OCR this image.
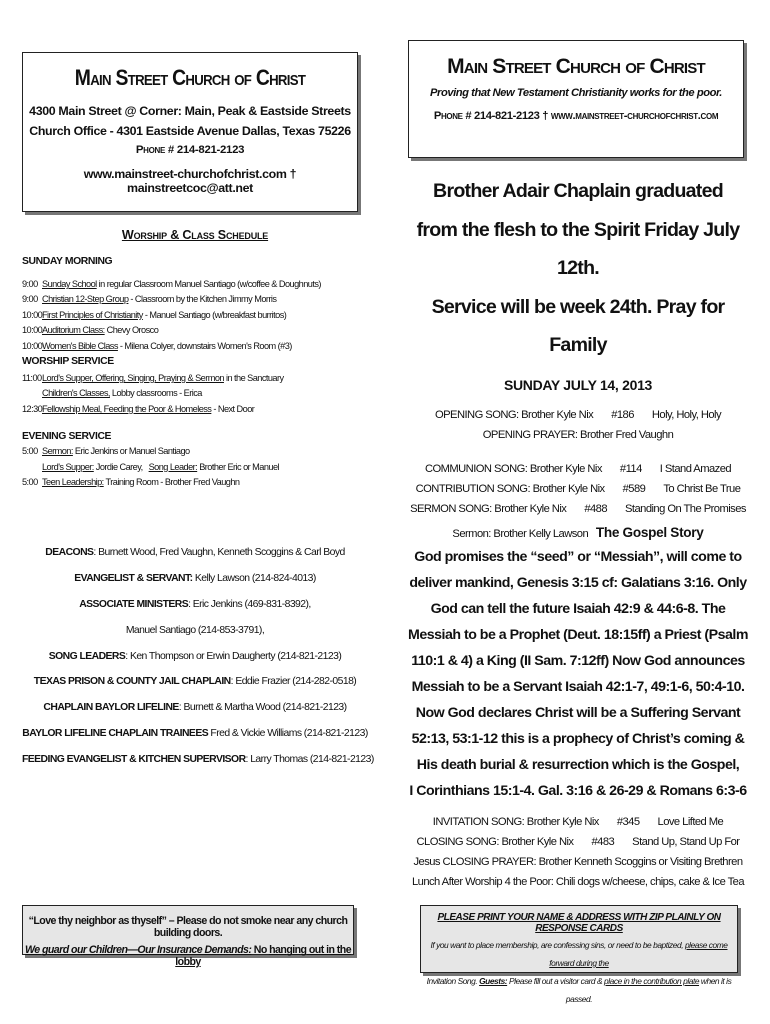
Main Street Church of Christ
4300 Main Street @ Corner: Main, Peak & Eastside Streets
Church Office - 4301 Eastside Avenue Dallas, Texas 75226
Phone # 214-821-2123
www.mainstreet-churchofchrist.com † mainstreetcoc@att.net
Worship & Class Schedule
SUNDAY MORNING
9:00 Sunday School in regular Classroom Manuel Santiago (w/coffee & Doughnuts)
9:00 Christian 12-Step Group - Classroom by the Kitchen Jimmy Morris
10:00First Principles of Christianity - Manuel Santiago (w/breakfast burritos)
10:00Auditorium Class: Chevy Orosco
10:00Women's Bible Class - Milena Colyer, downstairs Women's Room (#3)
WORSHIP SERVICE
11:00Lord's Supper, Offering, Singing, Praying & Sermon in the Sanctuary
Children's Classes, Lobby classrooms - Erica
12:30Fellowship Meal, Feeding the Poor & Homeless - Next Door
EVENING SERVICE
5:00 Sermon: Eric Jenkins or Manuel Santiago
Lord's Supper: Jordie Carey, Song Leader: Brother Eric or Manuel
5:00 Teen Leadership: Training Room - Brother Fred Vaughn
DEACONS: Burnett Wood, Fred Vaughn, Kenneth Scoggins & Carl Boyd
EVANGELIST & SERVANT: Kelly Lawson (214-824-4013)
ASSOCIATE MINISTERS: Eric Jenkins (469-831-8392),
Manuel Santiago (214-853-3791),
SONG LEADERS: Ken Thompson or Erwin Daugherty (214-821-2123)
TEXAS PRISON & COUNTY JAIL CHAPLAIN: Eddie Frazier (214-282-0518)
CHAPLAIN BAYLOR LIFELINE: Burnett & Martha Wood (214-821-2123)
BAYLOR LIFELINE CHAPLAIN TRAINEES Fred & Vickie Williams (214-821-2123)
FEEDING EVANGELIST & KITCHEN SUPERVISOR: Larry Thomas (214-821-2123)
“Love thy neighbor as thyself” – Please do not smoke near any church building doors.
We guard our Children—Our Insurance Demands: No hanging out in the lobby
Main Street Church of Christ
Proving that New Testament Christianity works for the poor.
Phone # 214-821-2123 † www.mainstreet-churchofchrist.com
Brother Adair Chaplain graduated
from the flesh to the Spirit Friday July 12th.
Service will be week 24th. Pray for Family
SUNDAY JULY 14, 2013
OPENING SONG: Brother Kyle Nix #186 Holy, Holy, Holy
OPENING PRAYER: Brother Fred Vaughn
COMMUNION SONG: Brother Kyle Nix #114 I Stand Amazed
CONTRIBUTION SONG: Brother Kyle Nix #589 To Christ Be True
SERMON SONG: Brother Kyle Nix #488 Standing On The Promises
Sermon: Brother Kelly Lawson The Gospel Story
God promises the “seed” or “Messiah”, will come to
deliver mankind, Genesis 3:15 cf: Galatians 3:16. Only
God can tell the future Isaiah 42:9 & 44:6-8. The
Messiah to be a Prophet (Deut. 18:15ff) a Priest (Psalm
110:1 & 4) a King (II Sam. 7:12ff) Now God announces
Messiah to be a Servant Isaiah 42:1-7, 49:1-6, 50:4-10.
Now God declares Christ will be a Suffering Servant
52:13, 53:1-12 this is a prophecy of Christ’s coming &
His death burial & resurrection which is the Gospel,
I Corinthians 15:1-4. Gal. 3:16 & 26-29 & Romans 6:3-6
INVITATION SONG: Brother Kyle Nix #345 Love Lifted Me
CLOSING SONG: Brother Kyle Nix #483 Stand Up, Stand Up For
Jesus CLOSING PRAYER: Brother Kenneth Scoggins or Visiting Brethren
Lunch After Worship 4 the Poor: Chili dogs w/cheese, chips, cake & Ice Tea
PLEASE PRINT YOUR NAME & ADDRESS WITH ZIP PLAINLY ON RESPONSE CARDS
If you want to place membership, are confessing sins, or need to be baptized, please come forward during the
Invitation Song. Guests: Please fill out a visitor card & place in the contribution plate when it is passed.
